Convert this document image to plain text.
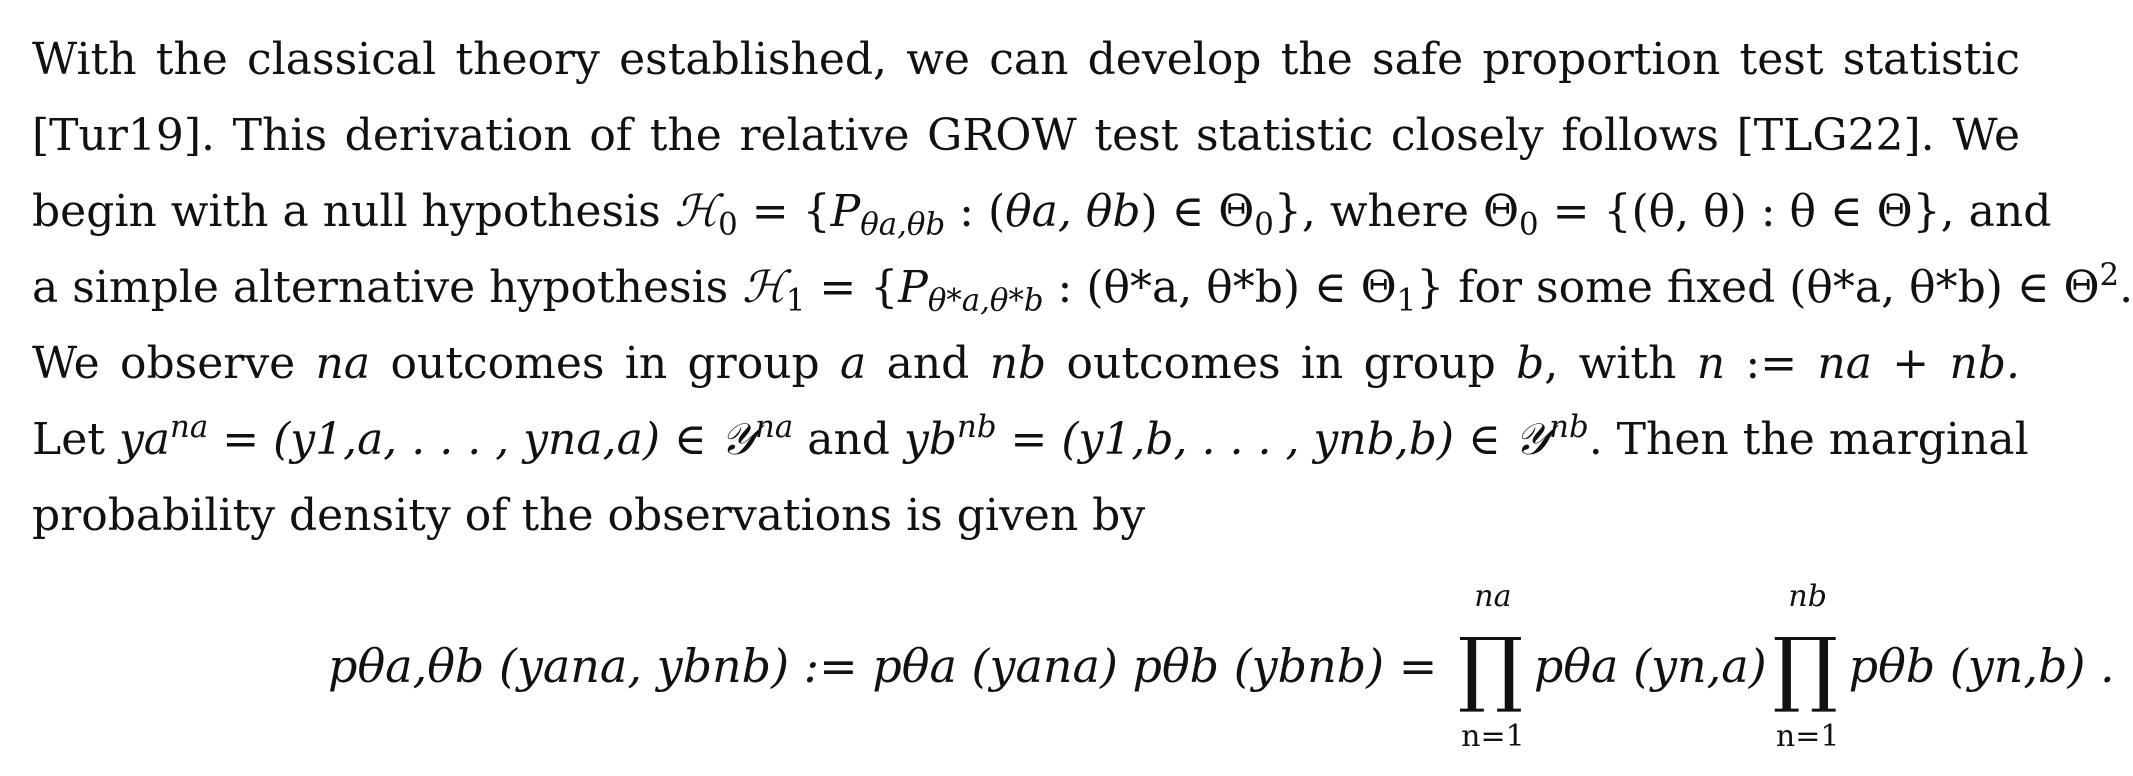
With the classical theory established, we can develop the safe proportion test statistic
[Tur19]. This derivation of the relative GROW test statistic closely follows [TLG22]. We
begin with a null hypothesis ℋ$_0$ = {$P_{\theta a,\theta b}$ : (θa, θb) ∈ $\Theta_0$}, where $\Theta_0 = \{(\theta$, θ) : θ ∈ Θ}, and
a simple alternative hypothesis ℋ$_1$ = {$P_{\theta*a,\theta*b}$ : (θ*a, θ*b) ∈ $\Theta_1$} for some fixed (θ*a, θ*b) ∈ $\Theta^2$.
We observe na outcomes in group a and nb outcomes in group b, with n := na + nb.
Let $ya^{na} = (y1,a$, . . . , yna,a) ∈ 𝒴$^{na}$ and $yb^{nb} = (y1,b$, . . . , ynb,b) ∈ 𝒴$^{nb}$. Then the marginal
probability density of the observations is given by

pθa,θb (yana, ybnb) := pθa (yana) pθb (ybnb) =
na
∏
n=1
pθa (yn,a)
nb
∏
n=1
pθb (yn,b) .
